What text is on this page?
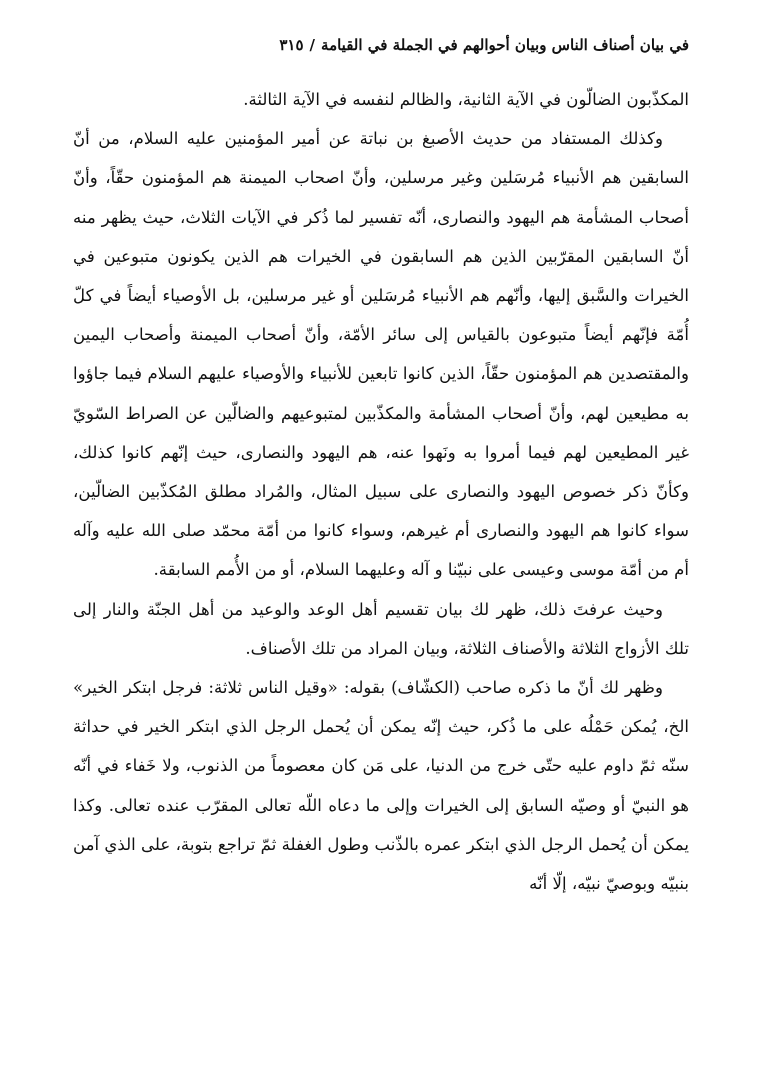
في بيان أصناف الناس وبيان أحوالهم في الجملة في القيامة
/
٣١٥

المكذّبون الضالّون في الآية الثانية، والظالم لنفسه في الآية الثالثة.

وكذلك المستفاد من حديث الأصبغ بن نباتة عن أمير المؤمنين عليه السلام، من أنّ السابقين هم الأنبياء مُرسَلين وغير مرسلين، وأنّ اصحاب الميمنة هم المؤمنون حقّاً، وأنّ أصحاب المشأمة هم اليهود والنصارى، أنّه تفسير لما ذُكر في الآيات الثلاث، حيث يظهر منه أنّ السابقين المقرّبين الذين هم السابقون في الخيرات هم الذين يكونون متبوعين في الخيرات والسَّبق إليها، وأنّهم هم الأنبياء مُرسَلين أو غير مرسلين، بل الأوصياء أيضاً في كلّ أُمّة فإنّهم أيضاً متبوعون بالقياس إلى سائر الأمّة، وأنّ أصحاب الميمنة وأصحاب اليمين والمقتصدين هم المؤمنون حقّاً، الذين كانوا تابعين للأنبياء والأوصياء عليهم السلام فيما جاؤوا به مطيعين لهم، وأنّ أصحاب المشأمة والمكذّبين لمتبوعيهم والضالّين عن الصراط السّويّ غير المطيعين لهم فيما أمروا به ونَهوا عنه، هم اليهود والنصارى، حيث إنّهم كانوا كذلك، وكأنّ ذكر خصوص اليهود والنصارى على سبيل المثال، والمُراد مطلق المُكذّبين الضالّين، سواء كانوا هم اليهود والنصارى أم غيرهم، وسواء كانوا من أمّة محمّد صلى الله عليه وآله أم من أمّة موسى وعيسى على نبيّنا و آله وعليهما السلام، أو من الأُمم السابقة.

وحيث عرفتَ ذلك، ظهر لك بيان تقسيم أهل الوعد والوعيد من أهل الجنّة والنار إلى تلك الأزواج الثلاثة والأصناف الثلاثة، وبيان المراد من تلك الأصناف.

وظهر لك أنّ ما ذكره صاحب (الكشّاف) بقوله: «وقيل الناس ثلاثة: فرجل ابتكر الخير» الخ، يُمكن حَمْلُه على ما ذُكر، حيث إنّه يمكن أن يُحمل الرجل الذي ابتكر الخير في حداثة سنّه ثمّ داوم عليه حتّى خرج من الدنيا، على مَن كان معصوماً من الذنوب، ولا خَفاء في أنّه هو النبيّ أو وصيّه السابق إلى الخيرات وإلى ما دعاه اللّه تعالى المقرّب عنده تعالى. وكذا يمكن أن يُحمل الرجل الذي ابتكر عمره بالذّنب وطول الغفلة ثمّ تراجع بتوبة، على الذي آمن بنبيّه وبوصيّ نبيّه، إلّا أنّه
